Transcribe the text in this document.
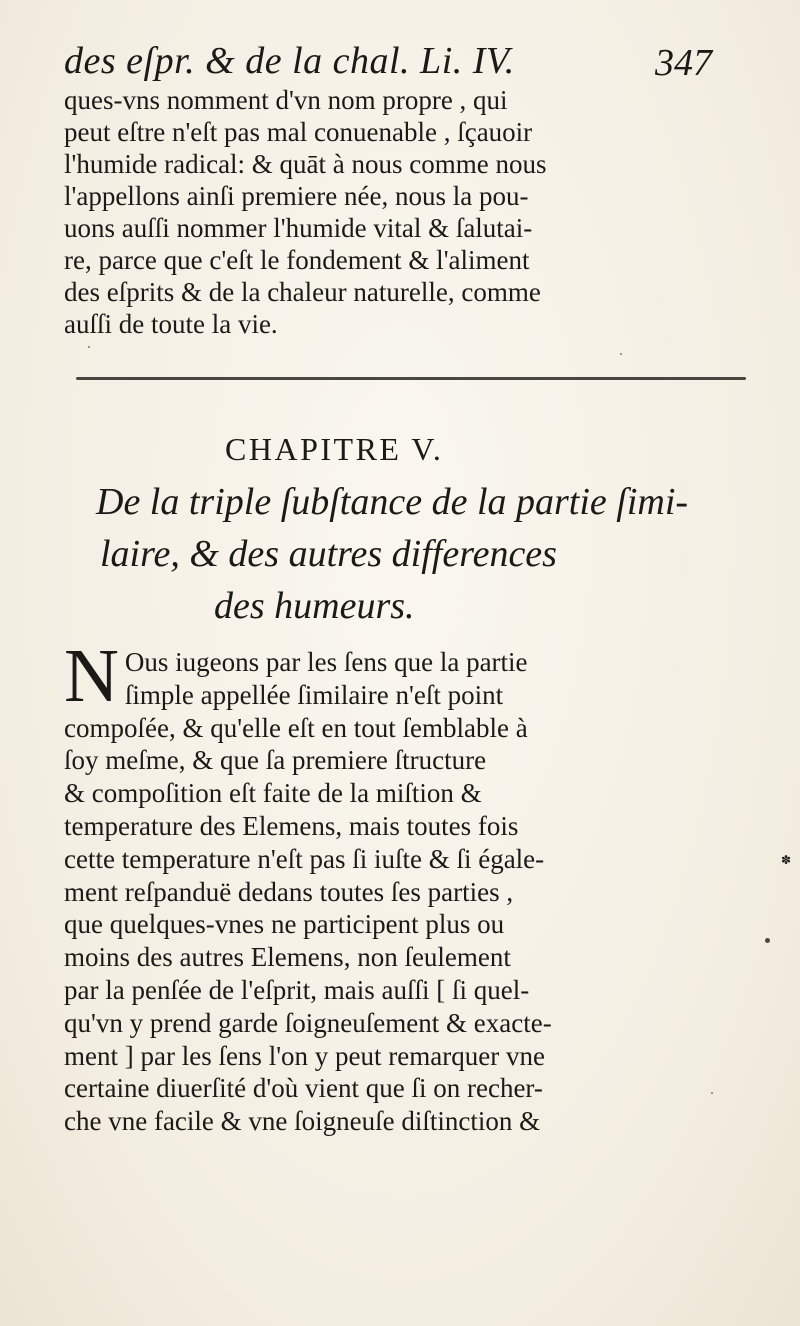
des eſpr. & de la chal. Li. IV.	347
ques-vns nomment d'vn nom propre , qui
peut eſtre n'eſt pas mal conuenable , ſçauoir
l'humide radical: & quāt à nous comme nous
l'appellons ainſi premiere née, nous la pou-
uons auſſi nommer l'humide vital & ſalutai-
re, parce que c'eſt le fondement & l'aliment
des eſprits & de la chaleur naturelle, comme
auſſi de toute la vie.
CHAPITRE V.
De la triple ſubſtance de la partie ſimi-
laire, & des autres differences
des humeurs.
N Ous iugeons par les ſens que la partie
ſimple appellée ſimilaire n'eſt point
compoſée, & qu'elle eſt en tout ſemblable à
ſoy meſme, & que ſa premiere ſtructure
& compoſition eſt faite de la miſtion &
temperature des Elemens, mais toutes fois
cette temperature n'eſt pas ſi iuſte & ſi égale-
ment reſpanduë dedans toutes ſes parties ,
que quelques-vnes ne participent plus ou
moins des autres Elemens, non ſeulement
par la penſée de l'eſprit, mais auſſi [ ſi quel-
qu'vn y prend garde ſoigneuſement & exacte-
ment ] par les ſens l'on y peut remarquer vne
certaine diuerſité d'où vient que ſi on recher-
che vne facile & vne ſoigneuſe diſtinction &
✽
